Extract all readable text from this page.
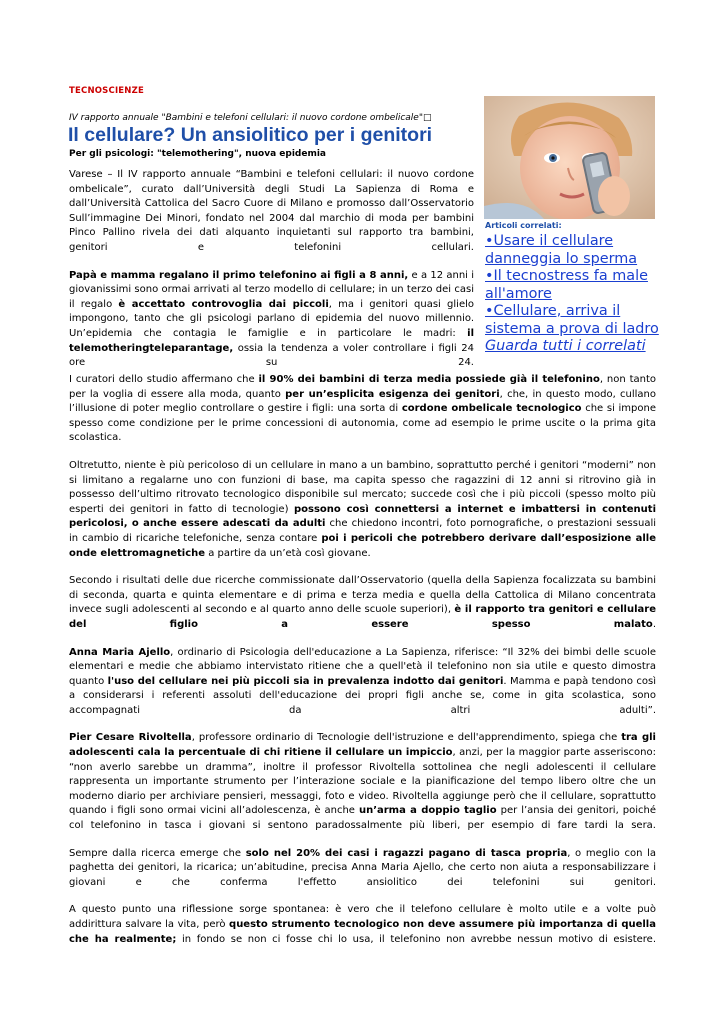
TECNOSCIENZE
IV rapporto annuale "Bambini e telefoni cellulari: il nuovo cordone ombelicale"□
Il cellulare? Un ansiolitico per i genitori
Per gli psicologi: "telemothering", nuova epidemia
Articoli correlati:
•Usare il cellulare danneggia lo sperma
•Il tecnostress fa male all'amore
•Cellulare, arriva il sistema a prova di ladro
Guarda tutti i correlati

Varese – Il IV rapporto annuale “Bambini e telefoni cellulari: il nuovo cordone ombelicale”, curato dall’Università degli Studi La Sapienza di Roma e dall’Università Cattolica del Sacro Cuore di Milano e promosso dall’Osservatorio Sull’immagine Dei Minori, fondato nel 2004 dal marchio di moda per bambini Pinco Pallino rivela dei dati alquanto inquietanti sul rapporto tra bambini, genitori e telefonini cellulari.

Papà e mamma regalano il primo telefonino ai figli a 8 anni, e a 12 anni i giovanissimi sono ormai arrivati al terzo modello di cellulare; in un terzo dei casi il regalo è accettato controvoglia dai piccoli, ma i genitori quasi glielo impongono, tanto che gli psicologi parlano di epidemia del nuovo millennio. Un’epidemia che contagia le famiglie e in particolare le madri: il telemotheringteleparantage, ossia la tendenza a voler controllare i figli 24 ore su 24.

I curatori dello studio affermano che il 90% dei bambini di terza media possiede già il telefonino, non tanto per la voglia di essere alla moda, quanto per un’esplicita esigenza dei genitori, che, in questo modo, cullano l’illusione di poter meglio controllare o gestire i figli: una sorta di cordone ombelicale tecnologico che si impone spesso come condizione per le prime concessioni di autonomia, come ad esempio le prime uscite o la prima gita scolastica.

Oltretutto, niente è più pericoloso di un cellulare in mano a un bambino, soprattutto perché i genitori “moderni” non si limitano a regalarne uno con funzioni di base, ma capita spesso che ragazzini di 12 anni si ritrovino già in possesso dell’ultimo ritrovato tecnologico disponibile sul mercato; succede così che i più piccoli (spesso molto più esperti dei genitori in fatto di tecnologie) possono così connettersi a internet e imbattersi in contenuti pericolosi, o anche essere adescati da adulti che chiedono incontri, foto pornografiche, o prestazioni sessuali in cambio di ricariche telefoniche, senza contare poi i pericoli che potrebbero derivare dall’esposizione alle onde elettromagnetiche a partire da un’età così giovane.

Secondo i risultati delle due ricerche commissionate dall’Osservatorio (quella della Sapienza focalizzata su bambini di seconda, quarta e quinta elementare e di prima e terza media e quella della Cattolica di Milano concentrata invece sugli adolescenti al secondo e al quarto anno delle scuole superiori), è il rapporto tra genitori e cellulare del figlio a essere spesso malato.

Anna Maria Ajello, ordinario di Psicologia dell'educazione a La Sapienza, riferisce: “Il 32% dei bimbi delle scuole elementari e medie che abbiamo intervistato ritiene che a quell'età il telefonino non sia utile e questo dimostra quanto l'uso del cellulare nei più piccoli sia in prevalenza indotto dai genitori. Mamma e papà tendono così a considerarsi i referenti assoluti dell'educazione dei propri figli anche se, come in gita scolastica, sono accompagnati da altri adulti”.

Pier Cesare Rivoltella, professore ordinario di Tecnologie dell'istruzione e dell'apprendimento, spiega che tra gli adolescenti cala la percentuale di chi ritiene il cellulare un impiccio, anzi, per la maggior parte asseriscono: “non averlo sarebbe un dramma”, inoltre il professor Rivoltella sottolinea che negli adolescenti il cellulare rappresenta un importante strumento per l’interazione sociale e la pianificazione del tempo libero oltre che un moderno diario per archiviare pensieri, messaggi, foto e video. Rivoltella aggiunge però che il cellulare, soprattutto quando i figli sono ormai vicini all’adolescenza, è anche un’arma a doppio taglio per l’ansia dei genitori, poiché col telefonino in tasca i giovani si sentono paradossalmente più liberi, per esempio di fare tardi la sera.

Sempre dalla ricerca emerge che solo nel 20% dei casi i ragazzi pagano di tasca propria, o meglio con la paghetta dei genitori, la ricarica; un’abitudine, precisa Anna Maria Ajello, che certo non aiuta a responsabilizzare i giovani e che conferma l'effetto ansiolitico dei telefonini sui genitori.

A questo punto una riflessione sorge spontanea: è vero che il telefono cellulare è molto utile e a volte può addirittura salvare la vita, però questo strumento tecnologico non deve assumere più importanza di quella che ha realmente; in fondo se non ci fosse chi lo usa, il telefonino non avrebbe nessun motivo di esistere.
